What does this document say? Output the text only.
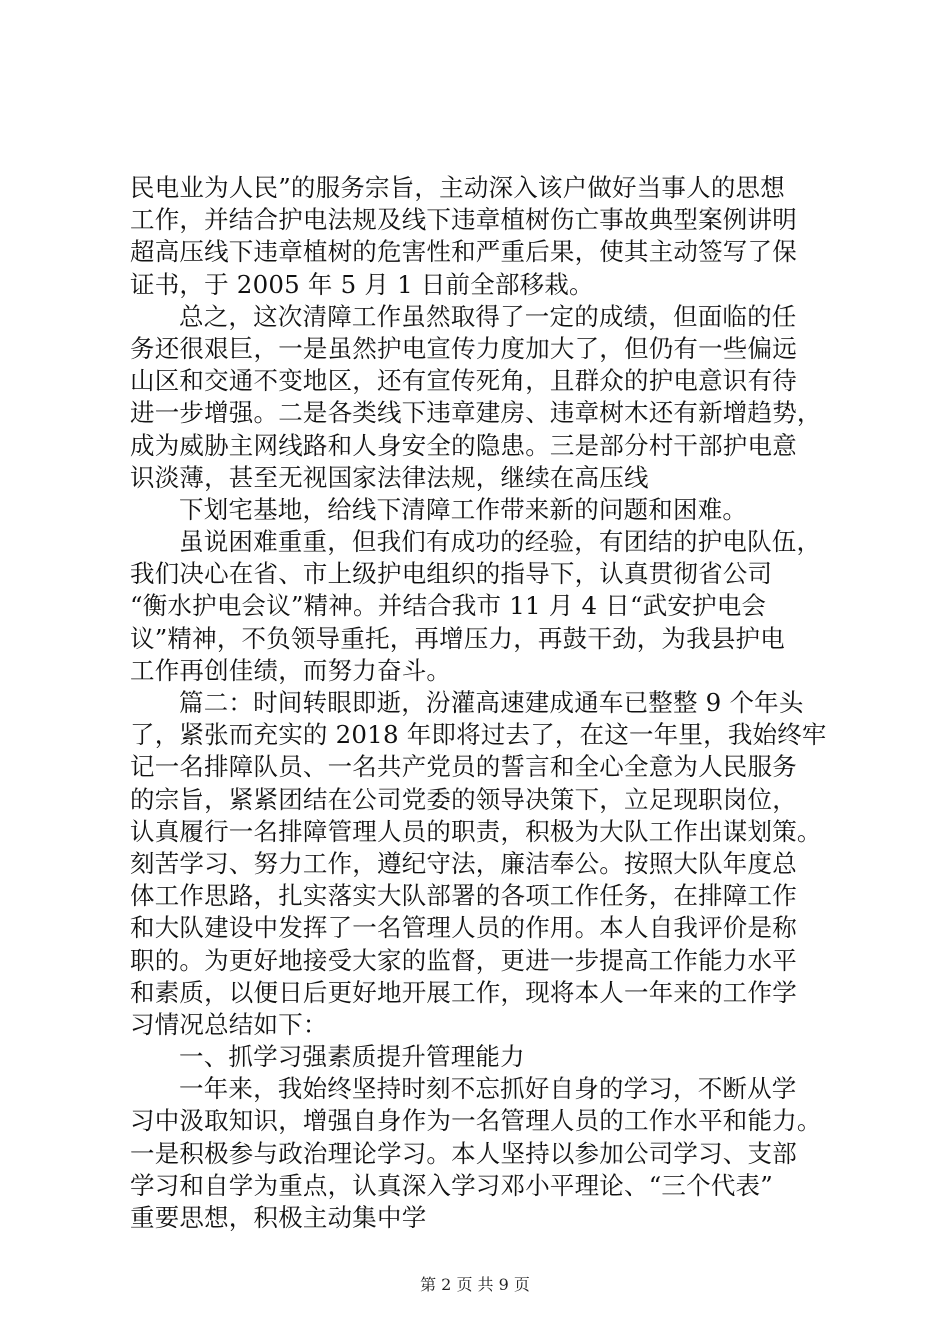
民电业为人民”的服务宗旨，主动深入该户做好当事人的思想
工作，并结合护电法规及线下违章植树伤亡事故典型案例讲明
超高压线下违章植树的危害性和严重后果，使其主动签写了保
证书，于 2005 年 5 月 1 日前全部移栽。
总之，这次清障工作虽然取得了一定的成绩，但面临的任
务还很艰巨，一是虽然护电宣传力度加大了，但仍有一些偏远
山区和交通不变地区，还有宣传死角，且群众的护电意识有待
进一步增强。二是各类线下违章建房、违章树木还有新增趋势，
成为威胁主网线路和人身安全的隐患。三是部分村干部护电意
识淡薄，甚至无视国家法律法规，继续在高压线
下划宅基地，给线下清障工作带来新的问题和困难。
虽说困难重重，但我们有成功的经验，有团结的护电队伍，
我们决心在省、市上级护电组织的指导下，认真贯彻省公司
“衡水护电会议”精神。并结合我市 11 月 4 日“武安护电会
议”精神，不负领导重托，再增压力，再鼓干劲，为我县护电
工作再创佳绩，而努力奋斗。
篇二：时间转眼即逝，汾灌高速建成通车已整整 9 个年头
了，紧张而充实的 2018 年即将过去了，在这一年里，我始终牢
记一名排障队员、一名共产党员的誓言和全心全意为人民服务
的宗旨，紧紧团结在公司党委的领导决策下，立足现职岗位，
认真履行一名排障管理人员的职责，积极为大队工作出谋划策。
刻苦学习、努力工作，遵纪守法，廉洁奉公。按照大队年度总
体工作思路，扎实落实大队部署的各项工作任务，在排障工作
和大队建设中发挥了一名管理人员的作用。本人自我评价是称
职的。为更好地接受大家的监督，更进一步提高工作能力水平
和素质，以便日后更好地开展工作，现将本人一年来的工作学
习情况总结如下：
一、抓学习强素质提升管理能力
一年来，我始终坚持时刻不忘抓好自身的学习，不断从学
习中汲取知识，增强自身作为一名管理人员的工作水平和能力。
一是积极参与政治理论学习。本人坚持以参加公司学习、支部
学习和自学为重点，认真深入学习邓小平理论、“三个代表”
重要思想，积极主动集中学
第 2 页 共 9 页
